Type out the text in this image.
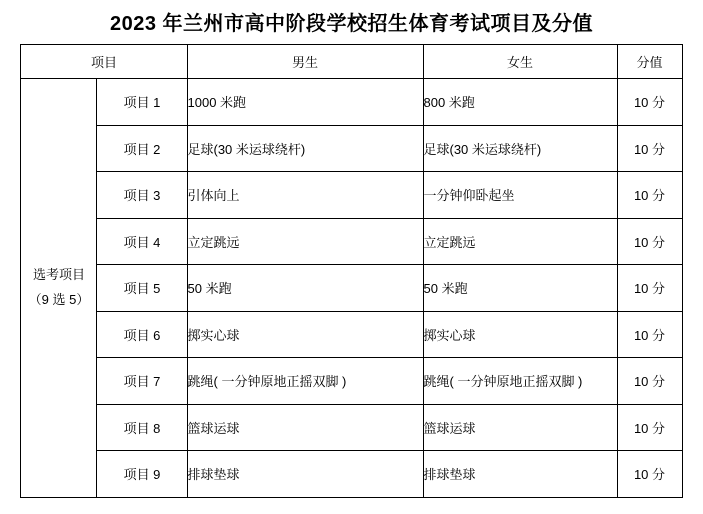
2023 年兰州市高中阶段学校招生体育考试项目及分值
项目		男生	女生	分值

选考项目
（9 选 5）	项目 1	1000 米跑	800 米跑	10 分
	项目 2	足球(30 米运球绕杆)	足球(30 米运球绕杆)	10 分
	项目 3	引体向上	一分钟仰卧起坐	10 分
	项目 4	立定跳远	立定跳远	10 分
	项目 5	50 米跑	50 米跑	10 分
	项目 6	掷实心球	掷实心球	10 分
	项目 7	跳绳( 一分钟原地正摇双脚 )	跳绳( 一分钟原地正摇双脚 )	10 分
	项目 8	篮球运球	篮球运球	10 分
	项目 9	排球垫球	排球垫球	10 分
